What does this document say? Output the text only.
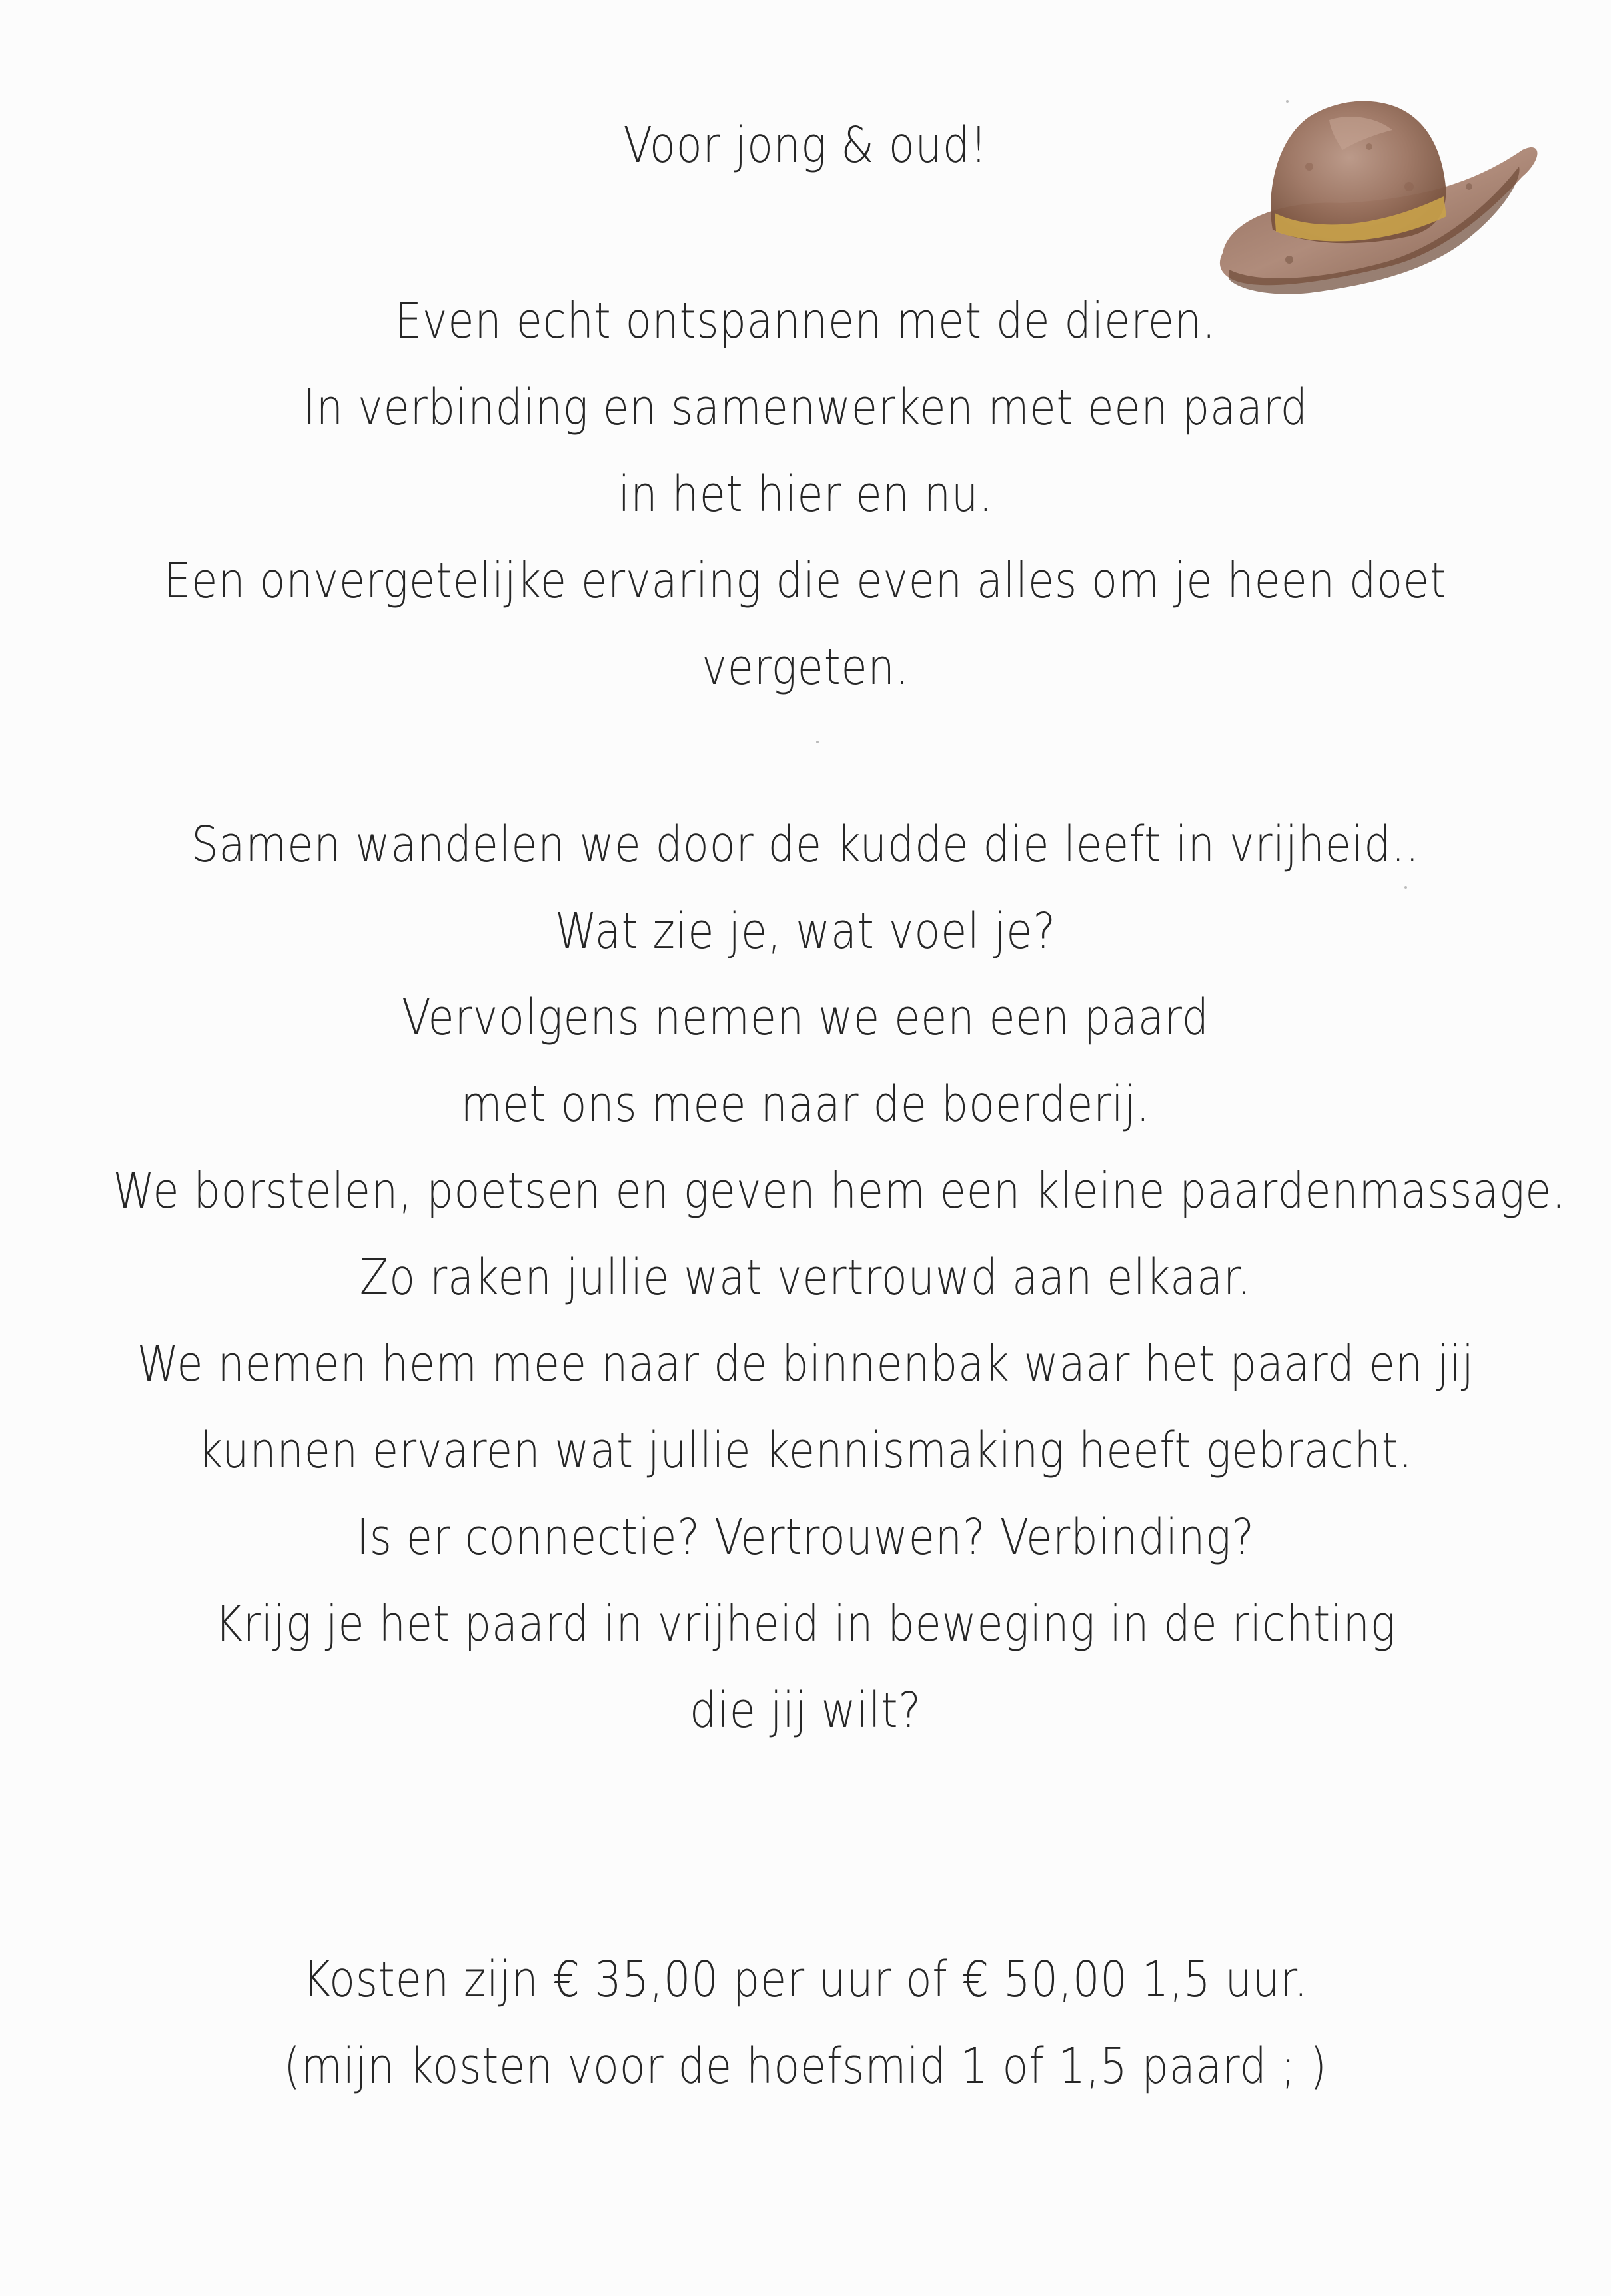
Voor jong & oud!
Even echt ontspannen met de dieren.
In verbinding en samenwerken met een paard
in het hier en nu.
Een onvergetelijke ervaring die even alles om je heen doet
vergeten.
Samen wandelen we door de kudde die leeft in vrijheid..
Wat zie je, wat voel je?
Vervolgens nemen we een een paard
met ons mee naar de boerderij.
We borstelen, poetsen en geven hem een kleine paardenmassage.
Zo raken jullie wat vertrouwd aan elkaar.
We nemen hem mee naar de binnenbak waar het paard en jij
kunnen ervaren wat jullie kennismaking heeft gebracht.
Is er connectie? Vertrouwen? Verbinding?
Krijg je het paard in vrijheid in beweging in de richting
die jij wilt?
Kosten zijn € 35,00 per uur of € 50,00 1,5 uur.
(mijn kosten voor de hoefsmid 1 of 1,5 paard ; )
